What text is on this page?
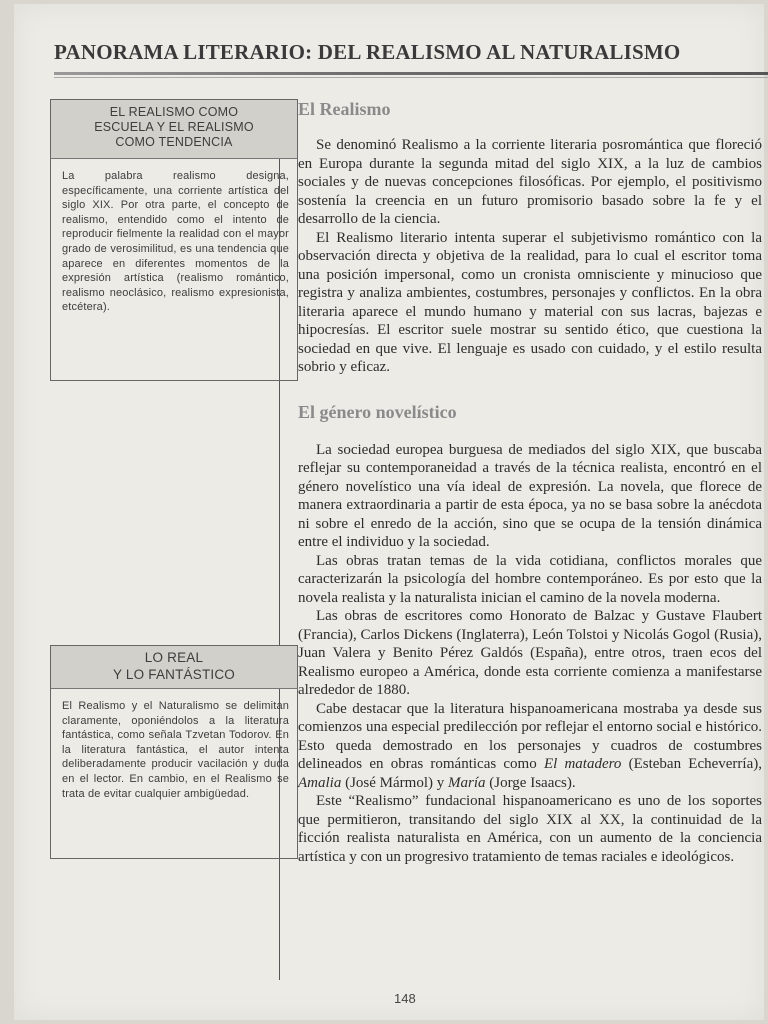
PANORAMA LITERARIO: DEL REALISMO AL NATURALISMO
EL REALISMO COMO
ESCUELA Y EL REALISMO
COMO TENDENCIA
La palabra realismo designa, específicamente, una corriente artística del siglo XIX. Por otra parte, el concepto de realismo, entendido como el intento de reproducir fielmente la realidad con el mayor grado de verosimilitud, es una tendencia que aparece en diferentes momentos de la expresión artística (realismo romántico, realismo neoclásico, realismo expresionista, etcétera).
LO REAL
Y LO FANTÁSTICO
El Realismo y el Naturalismo se delimitan claramente, oponiéndolos a la literatura fantástica, como señala Tzvetan Todorov. En la literatura fantástica, el autor intenta deliberadamente producir vacilación y duda en el lector. En cambio, en el Realismo se trata de evitar cualquier ambigüedad.
El Realismo

Se denominó Realismo a la corriente literaria posromántica que floreció en Europa durante la segunda mitad del siglo XIX, a la luz de cambios sociales y de nuevas concepciones filosóficas. Por ejemplo, el positivismo sostenía la creencia en un futuro promisorio basado sobre la fe y el desarrollo de la ciencia.

El Realismo literario intenta superar el subjetivismo romántico con la observación directa y objetiva de la realidad, para lo cual el escritor toma una posición impersonal, como un cronista omnisciente y minucioso que registra y analiza ambientes, costumbres, personajes y conflictos. En la obra literaria aparece el mundo humano y material con sus lacras, bajezas e hipocresías. El escritor suele mostrar su sentido ético, que cuestiona la sociedad en que vive. El lenguaje es usado con cuidado, y el estilo resulta sobrio y eficaz.

El género novelístico

La sociedad europea burguesa de mediados del siglo XIX, que buscaba reflejar su contemporaneidad a través de la técnica realista, encontró en el género novelístico una vía ideal de expresión. La novela, que florece de manera extraordinaria a partir de esta época, ya no se basa sobre la anécdota ni sobre el enredo de la acción, sino que se ocupa de la tensión dinámica entre el individuo y la sociedad.

Las obras tratan temas de la vida cotidiana, conflictos morales que caracterizarán la psicología del hombre contemporáneo. Es por esto que la novela realista y la naturalista inician el camino de la novela moderna.

Las obras de escritores como Honorato de Balzac y Gustave Flaubert (Francia), Carlos Dickens (Inglaterra), León Tolstoi y Nicolás Gogol (Rusia), Juan Valera y Benito Pérez Galdós (España), entre otros, traen ecos del Realismo europeo a América, donde esta corriente comienza a manifestarse alrededor de 1880.

Cabe destacar que la literatura hispanoamericana mostraba ya desde sus comienzos una especial predilección por reflejar el entorno social e histórico. Esto queda demostrado en los personajes y cuadros de costumbres delineados en obras románticas como El matadero (Esteban Echeverría), Amalia (José Mármol) y María (Jorge Isaacs).

Este “Realismo” fundacional hispanoamericano es uno de los soportes que permitieron, transitando del siglo XIX al XX, la continuidad de la ficción realista naturalista en América, con un aumento de la conciencia artística y con un progresivo tratamiento de temas raciales e ideológicos.

148
